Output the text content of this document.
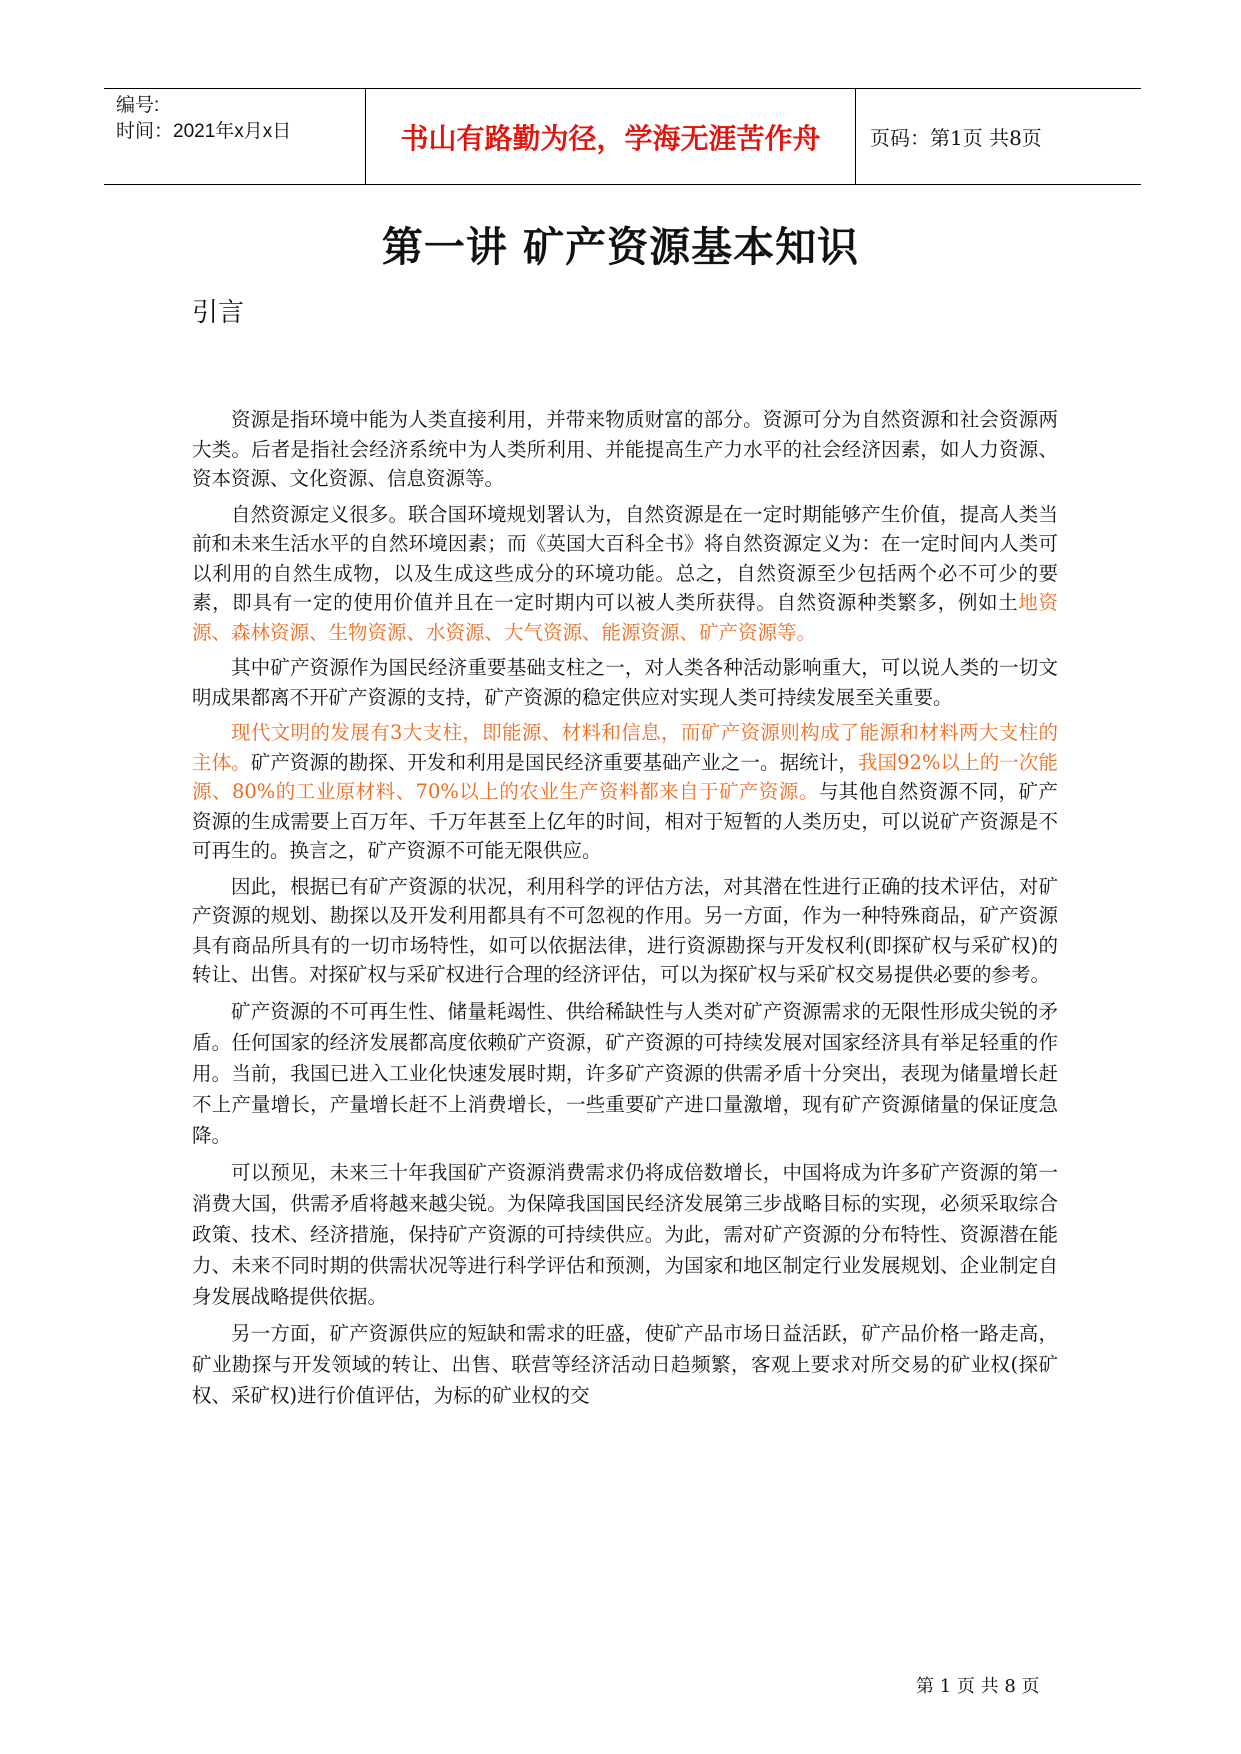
编号:
时间：2021年x月x日	书山有路勤为径，学海无涯苦作舟	页码：第1页 共8页
第一讲 矿产资源基本知识
引言

资源是指环境中能为人类直接利用，并带来物质财富的部分。资源可分为自然资源和社会资源两大类。后者是指社会经济系统中为人类所利用、并能提高生产力水平的社会经济因素，如人力资源、资本资源、文化资源、信息资源等。

自然资源定义很多。联合国环境规划署认为，自然资源是在一定时期能够产生价值，提高人类当前和未来生活水平的自然环境因素；而《英国大百科全书》将自然资源定义为：在一定时间内人类可以利用的自然生成物，以及生成这些成分的环境功能。总之，自然资源至少包括两个必不可少的要素，即具有一定的使用价值并且在一定时期内可以被人类所获得。自然资源种类繁多，例如土地资源、森林资源、生物资源、水资源、大气资源、能源资源、矿产资源等。

其中矿产资源作为国民经济重要基础支柱之一，对人类各种活动影响重大，可以说人类的一切文明成果都离不开矿产资源的支持，矿产资源的稳定供应对实现人类可持续发展至关重要。

现代文明的发展有3大支柱，即能源、材料和信息，而矿产资源则构成了能源和材料两大支柱的主体。矿产资源的勘探、开发和利用是国民经济重要基础产业之一。据统计，我国92%以上的一次能源、80%的工业原材料、70%以上的农业生产资料都来自于矿产资源。与其他自然资源不同，矿产资源的生成需要上百万年、千万年甚至上亿年的时间，相对于短暂的人类历史，可以说矿产资源是不可再生的。换言之，矿产资源不可能无限供应。

因此，根据已有矿产资源的状况，利用科学的评估方法，对其潜在性进行正确的技术评估，对矿产资源的规划、勘探以及开发利用都具有不可忽视的作用。另一方面，作为一种特殊商品，矿产资源具有商品所具有的一切市场特性，如可以依据法律，进行资源勘探与开发权利(即探矿权与采矿权)的转让、出售。对探矿权与采矿权进行合理的经济评估，可以为探矿权与采矿权交易提供必要的参考。

矿产资源的不可再生性、储量耗竭性、供给稀缺性与人类对矿产资源需求的无限性形成尖锐的矛盾。任何国家的经济发展都高度依赖矿产资源，矿产资源的可持续发展对国家经济具有举足轻重的作用。当前，我国已进入工业化快速发展时期，许多矿产资源的供需矛盾十分突出，表现为储量增长赶不上产量增长，产量增长赶不上消费增长，一些重要矿产进口量激增，现有矿产资源储量的保证度急降。

可以预见，未来三十年我国矿产资源消费需求仍将成倍数增长，中国将成为许多矿产资源的第一消费大国，供需矛盾将越来越尖锐。为保障我国国民经济发展第三步战略目标的实现，必须采取综合政策、技术、经济措施，保持矿产资源的可持续供应。为此，需对矿产资源的分布特性、资源潜在能力、未来不同时期的供需状况等进行科学评估和预测，为国家和地区制定行业发展规划、企业制定自身发展战略提供依据。

另一方面，矿产资源供应的短缺和需求的旺盛，使矿产品市场日益活跃，矿产品价格一路走高，矿业勘探与开发领域的转让、出售、联营等经济活动日趋频繁，客观上要求对所交易的矿业权(探矿权、采矿权)进行价值评估，为标的矿业权的交

第 1 页 共 8 页
